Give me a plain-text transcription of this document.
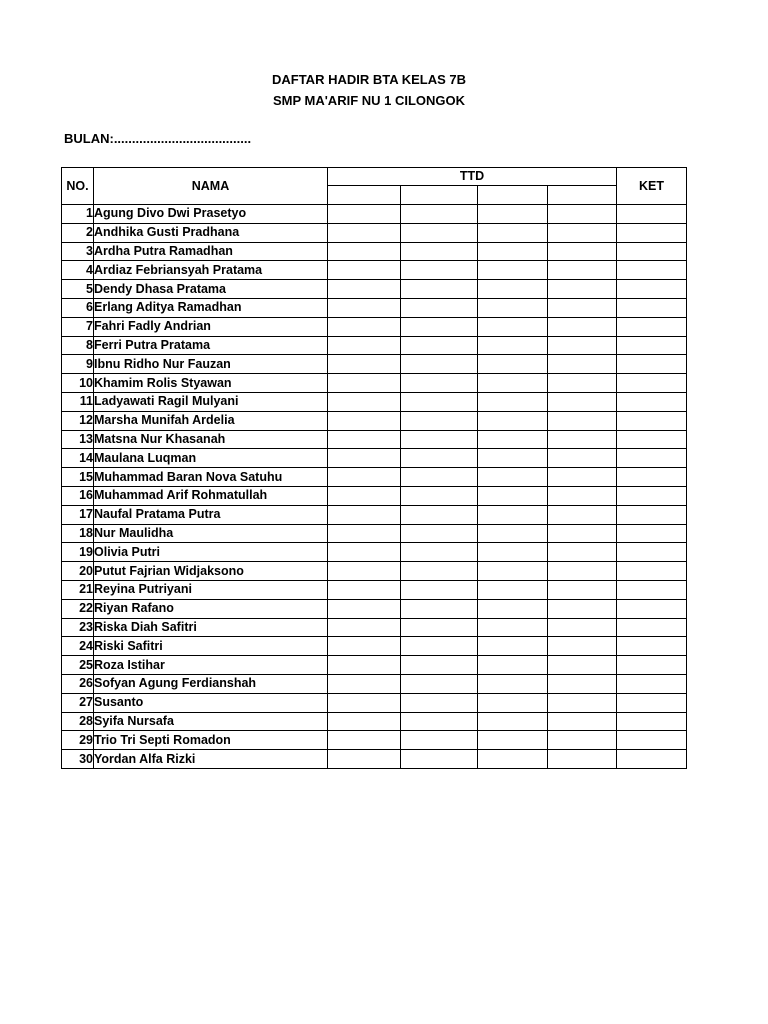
DAFTAR HADIR BTA KELAS 7B
SMP MA'ARIF NU 1 CILONGOK
BULAN:......................................
NO.	NAMA	TTD				KET

1	Agung Divo Dwi Prasetyo					
2	Andhika Gusti Pradhana					
3	Ardha Putra Ramadhan					
4	Ardiaz Febriansyah Pratama					
5	Dendy Dhasa Pratama					
6	Erlang Aditya Ramadhan					
7	Fahri Fadly Andrian					
8	Ferri Putra Pratama					
9	Ibnu Ridho Nur Fauzan					
10	Khamim Rolis Styawan					
11	Ladyawati Ragil Mulyani					
12	Marsha Munifah Ardelia					
13	Matsna Nur Khasanah					
14	Maulana Luqman					
15	Muhammad Baran Nova Satuhu					
16	Muhammad Arif Rohmatullah					
17	Naufal Pratama Putra					
18	Nur Maulidha					
19	Olivia Putri					
20	Putut Fajrian Widjaksono					
21	Reyina Putriyani					
22	Riyan Rafano					
23	Riska Diah Safitri					
24	Riski Safitri					
25	Roza Istihar					
26	Sofyan Agung Ferdianshah					
27	Susanto					
28	Syifa Nursafa					
29	Trio Tri Septi Romadon					
30	Yordan Alfa Rizki					
